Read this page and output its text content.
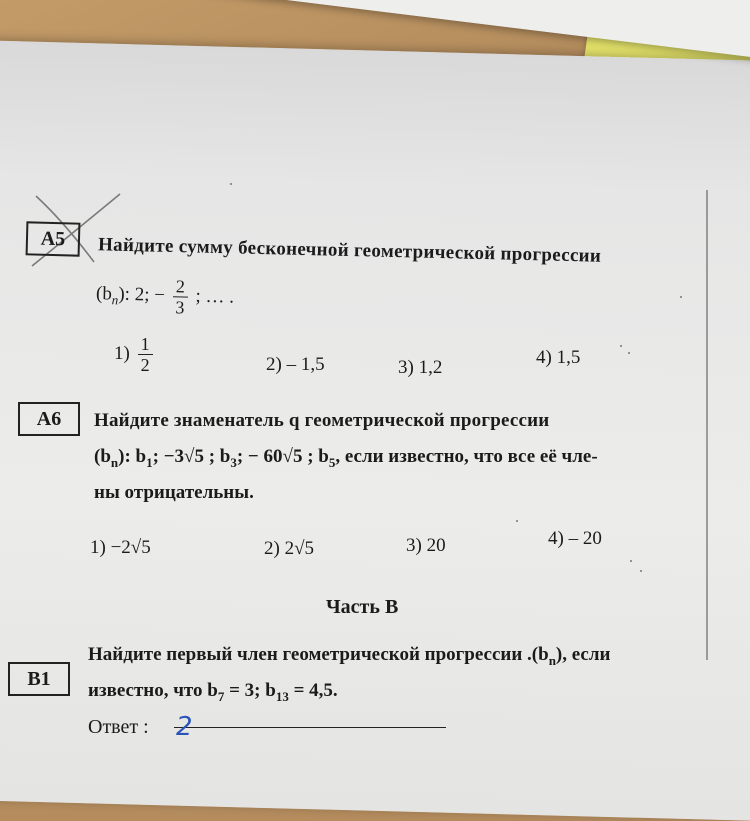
A5	Найдите сумму бесконечной геометрической прогрессии
$(b_n)$: 2; − $\frac{2}{3}$ ; … .
$1) \frac{1}{2}$	2) – 1,5	3) 1,2	4) 1,5
A6	Найдите знаменатель q геометрической прогрессии
$(b_n)$: $b_1$; −3√5 ; $b_3$; − 60√5 ; $b_5$, если известно, что все её чле-
ны отрицательны.
1) −2√5	2) 2√5	3) 20	4) – 20
Часть В
B1
Найдите первый член геометрической прогрессии $.(b_n)$, если
известно, что $b_7 = 3$; $b_{13} = 4,5$.
Ответ : 2
